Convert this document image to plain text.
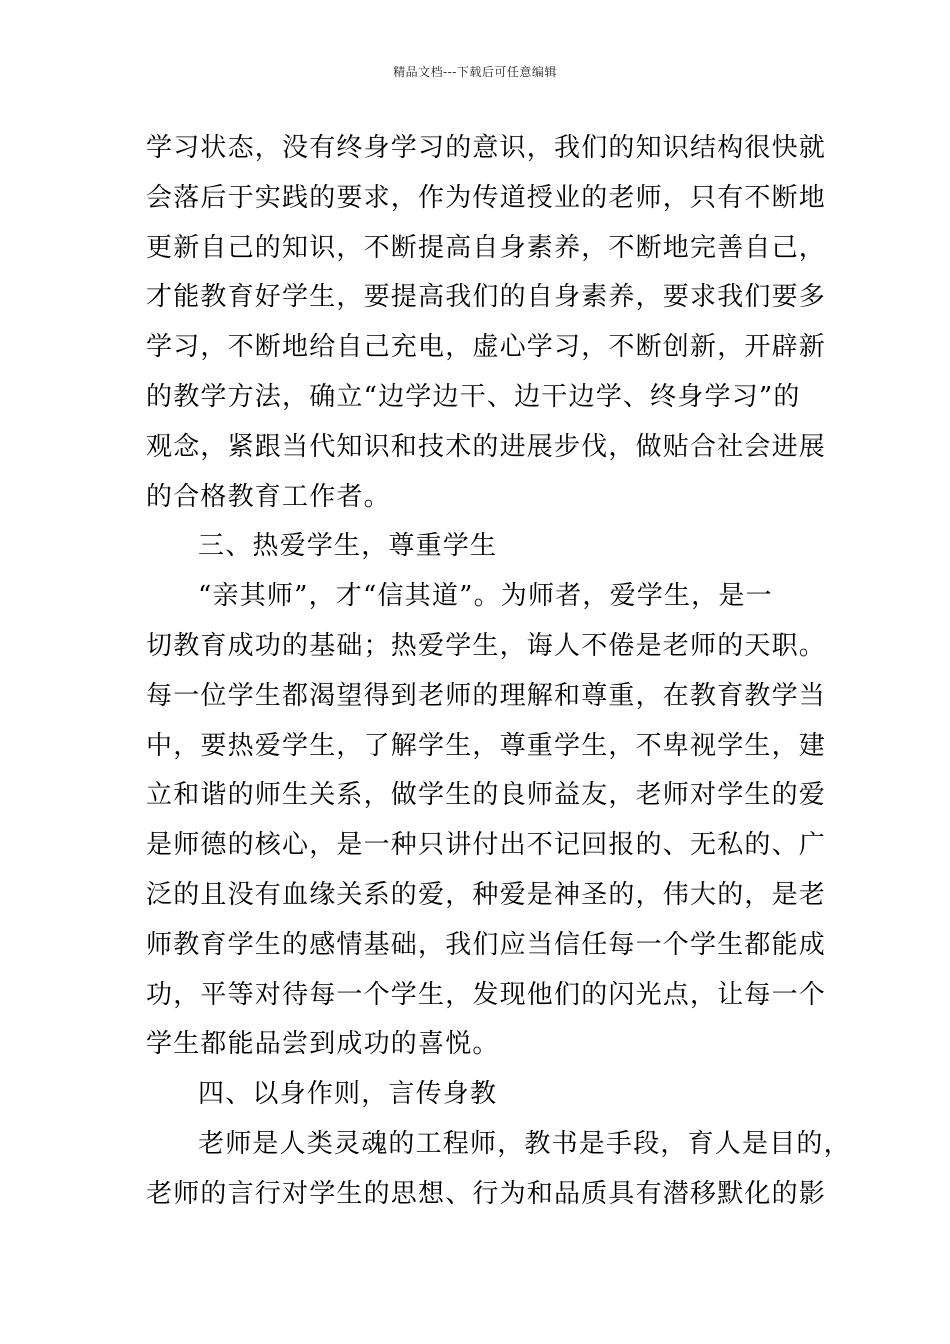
精品文档---下载后可任意编辑
学习状态，没有终身学习的意识，我们的知识结构很快就
会落后于实践的要求，作为传道授业的老师，只有不断地
更新自己的知识，不断提高自身素养，不断地完善自己，
才能教育好学生，要提高我们的自身素养，要求我们要多
学习，不断地给自己充电，虚心学习，不断创新，开辟新
的教学方法，确立“边学边干、边干边学、终身学习”的
观念，紧跟当代知识和技术的进展步伐，做贴合社会进展
的合格教育工作者。
三、热爱学生，尊重学生
“亲其师”，才“信其道”。为师者，爱学生，是一
切教育成功的基础；热爱学生，诲人不倦是老师的天职。
每一位学生都渴望得到老师的理解和尊重，在教育教学当
中，要热爱学生，了解学生，尊重学生，不卑视学生，建
立和谐的师生关系，做学生的良师益友，老师对学生的爱
是师德的核心，是一种只讲付出不记回报的、无私的、广
泛的且没有血缘关系的爱，种爱是神圣的，伟大的，是老
师教育学生的感情基础，我们应当信任每一个学生都能成
功，平等对待每一个学生，发现他们的闪光点，让每一个
学生都能品尝到成功的喜悦。
四、以身作则，言传身教
老师是人类灵魂的工程师，教书是手段，育人是目的，
老师的言行对学生的思想、行为和品质具有潜移默化的影
